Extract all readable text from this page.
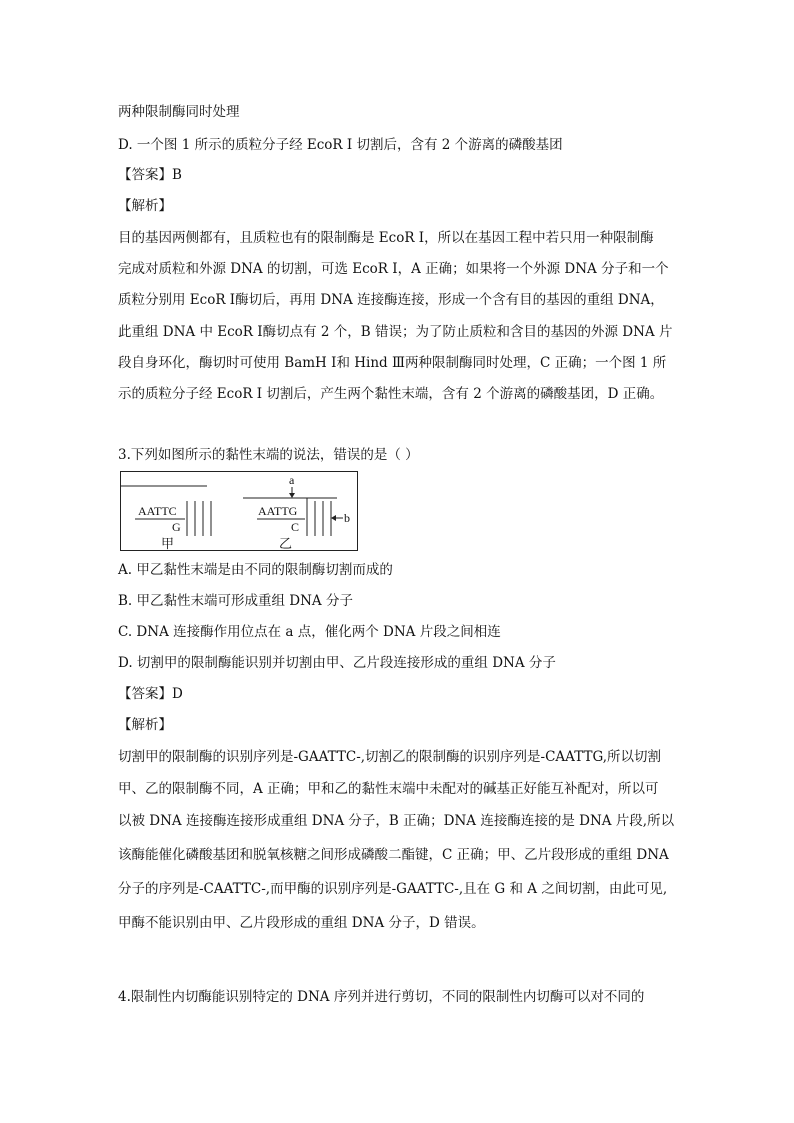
两种限制酶同时处理
D. 一个图 1 所示的质粒分子经 EcoR Ⅰ 切割后，含有 2 个游离的磷酸基团
【答案】B
【解析】
目的基因两侧都有，且质粒也有的限制酶是 EcoR Ⅰ，所以在基因工程中若只用一种限制酶
完成对质粒和外源 DNA 的切割，可选 EcoR Ⅰ，A 正确；如果将一个外源 DNA 分子和一个
质粒分别用 EcoR Ⅰ酶切后，再用 DNA 连接酶连接，形成一个含有目的基因的重组 DNA，
此重组 DNA 中 EcoR Ⅰ酶切点有 2 个，B 错误；为了防止质粒和含目的基因的外源 DNA 片
段自身环化，酶切时可使用 BamH Ⅰ和 Hind Ⅲ两种限制酶同时处理，C 正确；一个图 1 所
示的质粒分子经 EcoR Ⅰ 切割后，产生两个黏性末端，含有 2 个游离的磷酸基团，D 正确。
3.下列如图所示的黏性末端的说法，错误的是（ ）
AATTC
G
甲
AATTG
C
乙
a
b
A. 甲乙黏性末端是由不同的限制酶切割而成的
B. 甲乙黏性末端可形成重组 DNA 分子
C. DNA 连接酶作用位点在 a 点，催化两个 DNA 片段之间相连
D. 切割甲的限制酶能识别并切割由甲、乙片段连接形成的重组 DNA 分子
【答案】D
【解析】
切割甲的限制酶的识别序列是-GAATTC-,切割乙的限制酶的识别序列是-CAATTG,所以切割
甲、乙的限制酶不同，A 正确；甲和乙的黏性末端中未配对的碱基正好能互补配对，所以可
以被 DNA 连接酶连接形成重组 DNA 分子，B 正确；DNA 连接酶连接的是 DNA 片段,所以
该酶能催化磷酸基团和脱氧核糖之间形成磷酸二酯键，C 正确；甲、乙片段形成的重组 DNA
分子的序列是-CAATTC-,而甲酶的识别序列是-GAATTC-,且在 G 和 A 之间切割，由此可见,
甲酶不能识别由甲、乙片段形成的重组 DNA 分子，D 错误。
4.限制性内切酶能识别特定的 DNA 序列并进行剪切，不同的限制性内切酶可以对不同的
